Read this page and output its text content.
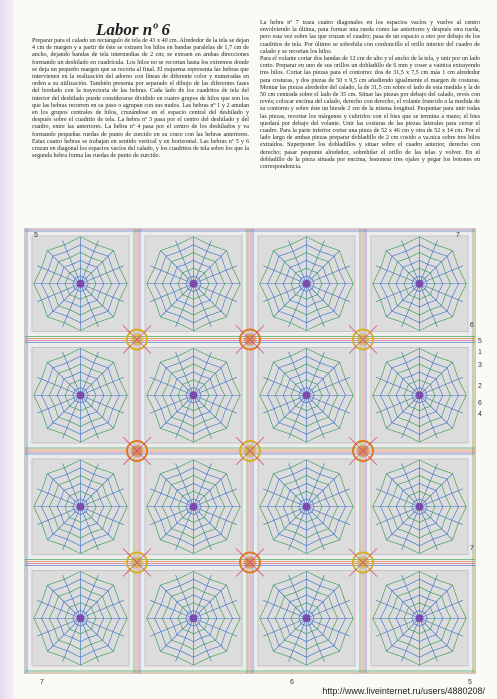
Labor nº 6

Preparar para el calado un rectángulo de tela de 43 x 40 cm. Alrededor de la tela se dejan 4 cm de margen y a partir de éste se extraen los hilos en bandas paralelas de 1,7 cm de ancho, dejando bandas de tela intermedias de 2 cm; se extraen en ambas direcciones formando un deshilado en cuadrícula. Los hilos no se recortan hasta los extremos donde se deja un pequeño margen que se recorta al final. El esquema representa las hebras que intervienen en la realización del adorno con líneas de diferente color y numeradas en orden a su utilización. También presenta por separado el dibujo de las diferentes fases del bordado con la trayectoria de las hebras. Cada lado de los cuadritos de tela del interior del deshilado puede considerarse dividido en cuatro grupos de hilos que son los que las hebras recorren en su paso o agrupan con sus nudos. Las hebras nº 1 y 2 anudan en los grupos centrales de hilos, cruzándose en el espacio central del deshilado y después sobre el cuadrito de tela. La hebra nº 3 pasa por el centro del deshilado y del cuadro, entre las anteriores. La hebra nº 4 pasa por el centro de los deshilados y va formando pequeñas ruedas de punto de zurcido en su cruce con las hebras anteriores. Estas cuatro hebras se trabajan en sentido vertical y en horizontal. Las hebras nº 5 y 6 cruzan en diagonal los espacios vacíos del calado, y los cuadritos de tela sobre los que la segunda hebra forma las ruedas de punto de zurcido.

La hebra nº 7 traza cuatro diagonales en los espacios vacíos y vuelve al centro envolviendo la última, para formar una rueda como las anteriores y después otra rueda, pero esta vez sobre las que cruzan el cuadro; pasa de un espacio a otro por debajo de los cuadritos de tela. Por último se sobrehila con cordoncillo el orillo interior del cuadro de calado y se recortan los hilos.

Para el volante cortar dos bandas de 12 cm de alto y el ancho de la tela, y unir por un lado corto. Preparar en uno de sus orillos un dobladillo de 6 mm y coser a vainica extrayendo tres hilos. Cortar las piezas para el contorno: dos de 31,5 x 7,5 cm más 1 cm alrededor para costuras, y dos piezas de 50 x 9,5 cm añadiendo igualmente el margen de costuras. Montar las piezas alrededor del calado, la de 31,5 cm sobre el lado de esta medida y la de 50 cm centrada sobre el lado de 35 cm. Situar las piezas por debajo del calado, revés con revés; colocar encima del calado, derecho con derecho, el volante fruncido a la medida de su contorno y sobre éste un biesde 2 cm de la misma longitud. Pespuntar para unir todas las piezas, recortar los márgenes y cubrirlos con el bies que se termina a mano; el bies quedará por debajo del volante. Unir las costuras de las piezas laterales para cerrar el cuadro. Para la parte inferior cortar una pieza de 52 x 46 cm y otra de 52 x 14 cm. Por el lado largo de ambas piezas preparar dobladillo de 2 cm cosido a va.nica sobre tres hilos extraídos. Superponer los dobladillos y situar sobre el cuadro anterior, derecho con derecho; pasar pespunte alrededor, sobrehilar el orillo de las telas y volver. En el dobladillo de la pieza situada por encima, festonear tres ojales y pegar los botones en correspondencia.

5	7
6
5
1
3
2
6
4
7
7	6	5
http://www.liveinternet.ru/users/4880208/
